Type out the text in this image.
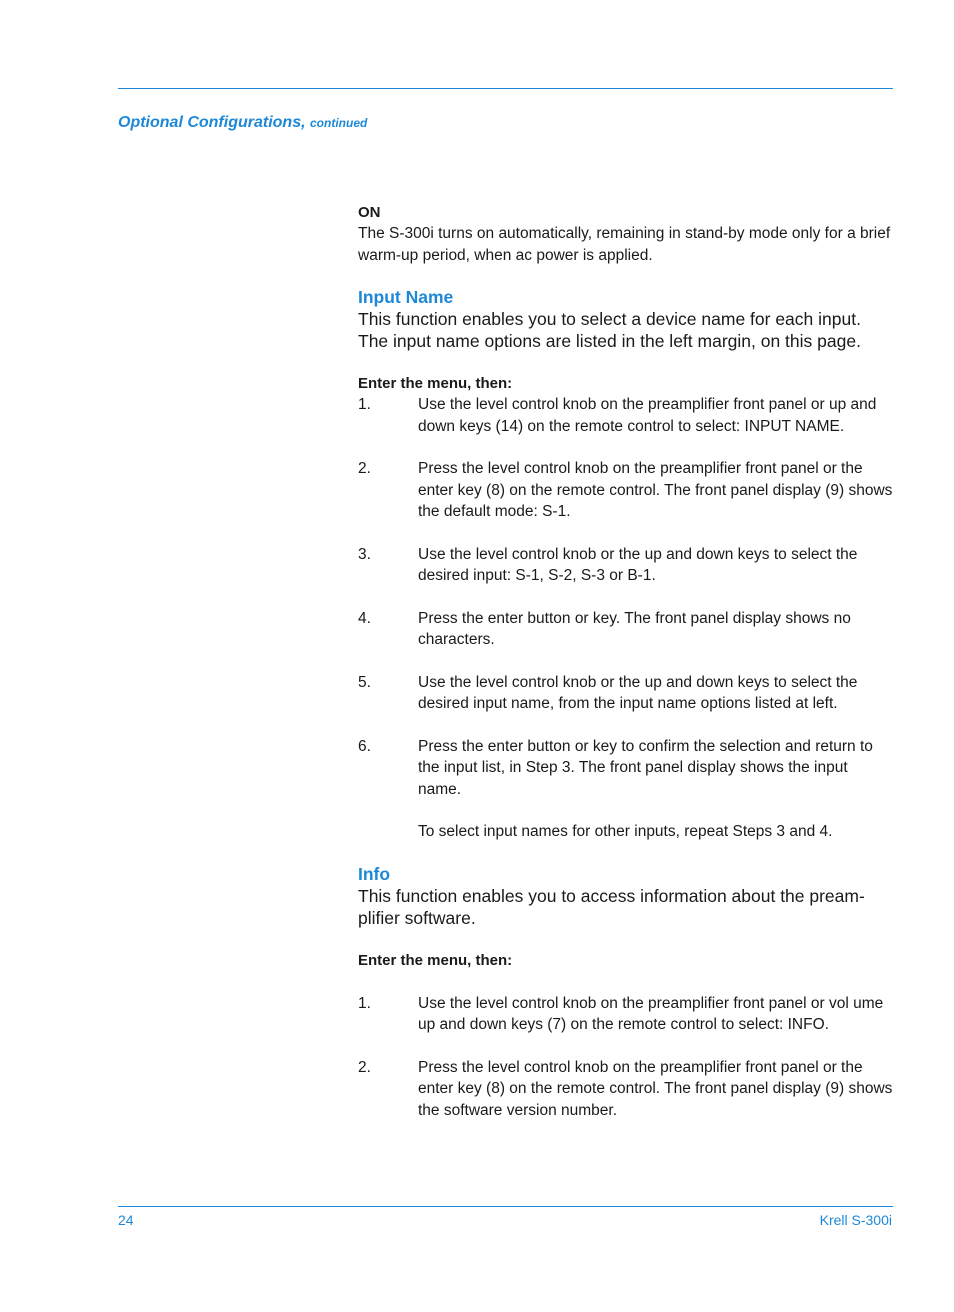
Optional Configurations, continued
ON
The S-300i turns on automatically, remaining in stand-by mode only for a brief warm-up period, when ac power is applied.
Input Name
This function enables you to select a device name for each input. The input name options are listed in the left margin, on this page.
Enter the menu, then:
1.	Use the level control knob on the preamplifier front panel or up and down keys (14) on the remote control to select: INPUT NAME.
2.	Press the level control knob on the preamplifier front panel or the enter key (8) on the remote control. The front panel display (9) shows the default mode: S-1.
3.	Use the level control knob or the up and down keys to select the desired input: S-1, S-2, S-3 or B-1.
4.	Press the enter button or key. The front panel display shows no characters.
5.	Use the level control knob or the up and down keys to select the desired input name, from the input name options listed at left.
6.	Press the enter button or key to confirm the selection and return to the input list, in Step 3. The front panel display shows the input name.
To select input names for other inputs, repeat Steps 3 and 4.
Info
This function enables you to access information about the pream-plifier software.
Enter the menu, then:
1.	Use the level control knob on the preamplifier front panel or vol ume up and down keys (7) on the remote control to select: INFO.
2.	Press the level control knob on the preamplifier front panel or the enter key (8) on the remote control. The front panel display (9) shows the software version number.
24	Krell S-300i
